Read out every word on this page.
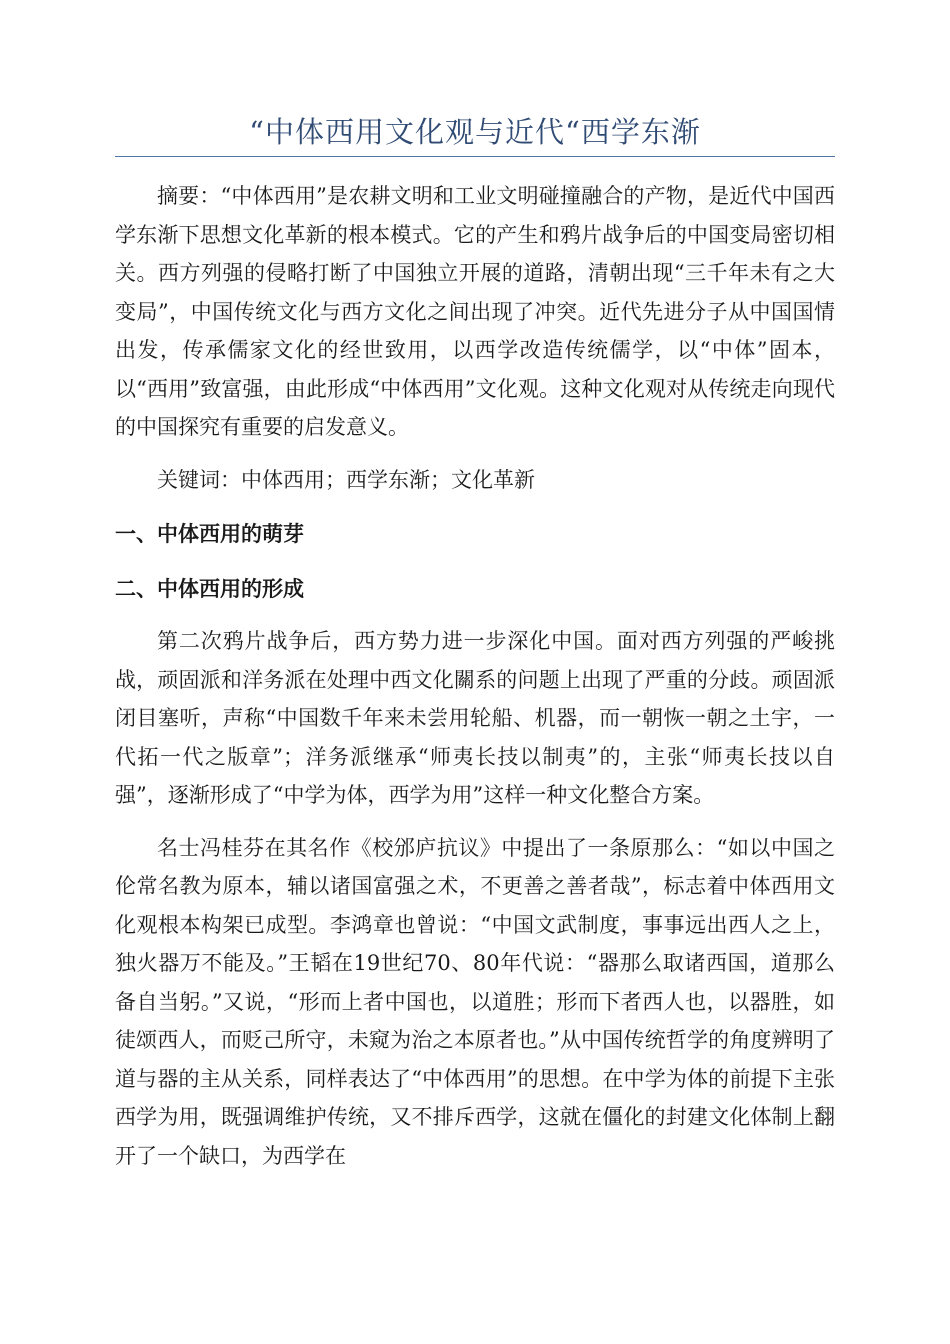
“中体西用文化观与近代“西学东渐

摘要：“中体西用”是农耕文明和工业文明碰撞融合的产物，是近代中国西学东渐下思想文化革新的根本模式。它的产生和鸦片战争后的中国变局密切相关。西方列强的侵略打断了中国独立开展的道路，清朝出现“三千年未有之大变局”，中国传统文化与西方文化之间出现了冲突。近代先进分子从中国国情出发，传承儒家文化的经世致用，以西学改造传统儒学，以“中体”固本，以“西用”致富强，由此形成“中体西用”文化观。这种文化观对从传统走向现代的中国探究有重要的启发意义。

关键词：中体西用；西学东渐；文化革新

一、中体西用的萌芽

二、中体西用的形成

第二次鸦片战争后，西方势力进一步深化中国。面对西方列强的严峻挑战，顽固派和洋务派在处理中西文化關系的问题上出现了严重的分歧。顽固派闭目塞听，声称“中国数千年来未尝用轮船、机器，而一朝恢一朝之土宇，一代拓一代之版章”；洋务派继承“师夷长技以制夷”的，主张“师夷长技以自强”，逐渐形成了“中学为体，西学为用”这样一种文化整合方案。

名士冯桂芬在其名作《校邠庐抗议》中提出了一条原那么：“如以中国之伦常名教为原本，辅以诸国富强之术，不更善之善者哉”，标志着中体西用文化观根本构架已成型。李鸿章也曾说：“中国文武制度，事事远出西人之上，独火器万不能及。”王韬在19世纪70、80年代说：“器那么取诸西国，道那么备自当躬。”又说，“形而上者中国也，以道胜；形而下者西人也，以器胜，如徒颂西人，而贬己所守，未窥为治之本原者也。”从中国传统哲学的角度辨明了道与器的主从关系，同样表达了“中体西用”的思想。在中学为体的前提下主张西学为用，既强调维护传统，又不排斥西学，这就在僵化的封建文化体制上翻开了一个缺口，为西学在
